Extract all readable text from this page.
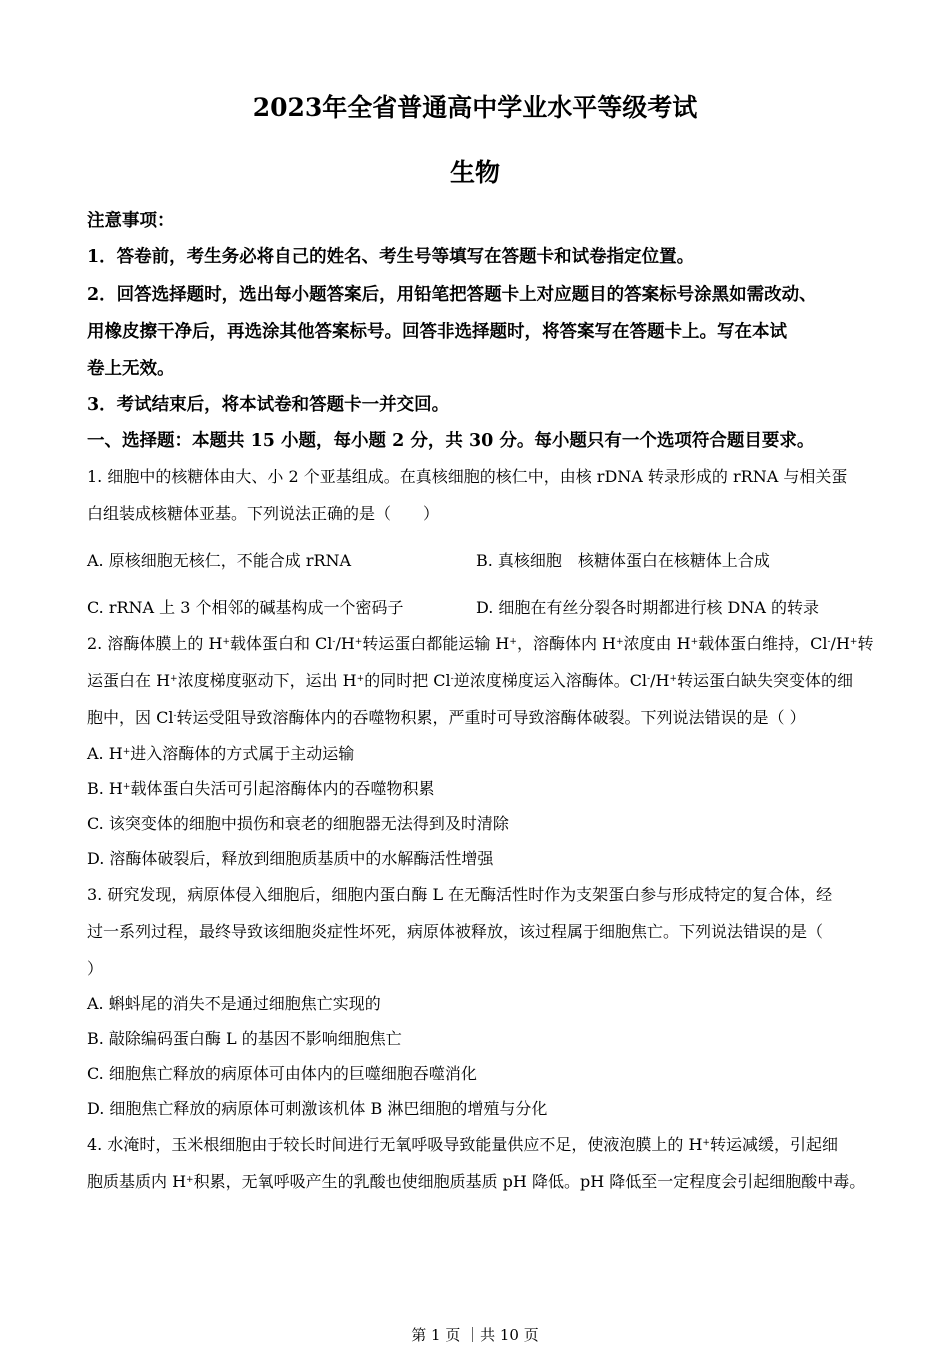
2023年全省普通高中学业水平等级考试
生物
注意事项：
1．答卷前，考生务必将自己的姓名、考生号等填写在答题卡和试卷指定位置。
2．回答选择题时，选出每小题答案后，用铅笔把答题卡上对应题目的答案标号涂黑如需改动、
用橡皮擦干净后，再选涂其他答案标号。回答非选择题时，将答案写在答题卡上。写在本试
卷上无效。
3．考试结束后，将本试卷和答题卡一并交回。
一、选择题：本题共 15 小题，每小题 2 分，共 30 分。每小题只有一个选项符合题目要求。
1. 细胞中的核糖体由大、小 2 个亚基组成。在真核细胞的核仁中，由核 rDNA 转录形成的 rRNA 与相关蛋
白组装成核糖体亚基。下列说法正确的是（　　）
A. 原核细胞无核仁，不能合成 rRNA	B. 真核细胞　核糖体蛋白在核糖体上合成
C. rRNA 上 3 个相邻的碱基构成一个密码子	D. 细胞在有丝分裂各时期都进行核 DNA 的转录
2. 溶酶体膜上的 H+载体蛋白和 Cl-/H+转运蛋白都能运输 H+，溶酶体内 H+浓度由 H+载体蛋白维持，Cl-/H+转
运蛋白在 H+浓度梯度驱动下，运出 H+的同时把 Cl-逆浓度梯度运入溶酶体。Cl-/H+转运蛋白缺失突变体的细
胞中，因 Cl-转运受阻导致溶酶体内的吞噬物积累，严重时可导致溶酶体破裂。下列说法错误的是（ ）
A. H+进入溶酶体的方式属于主动运输
B. H+载体蛋白失活可引起溶酶体内的吞噬物积累
C. 该突变体的细胞中损伤和衰老的细胞器无法得到及时清除
D. 溶酶体破裂后，释放到细胞质基质中的水解酶活性增强
3. 研究发现，病原体侵入细胞后，细胞内蛋白酶 L 在无酶活性时作为支架蛋白参与形成特定的复合体，经
过一系列过程，最终导致该细胞炎症性坏死，病原体被释放，该过程属于细胞焦亡。下列说法错误的是（
）
A. 蝌蚪尾的消失不是通过细胞焦亡实现的
B. 敲除编码蛋白酶 L 的基因不影响细胞焦亡
C. 细胞焦亡释放的病原体可由体内的巨噬细胞吞噬消化
D. 细胞焦亡释放的病原体可刺激该机体 B 淋巴细胞的增殖与分化
4. 水淹时，玉米根细胞由于较长时间进行无氧呼吸导致能量供应不足，使液泡膜上的 H+转运减缓，引起细
胞质基质内 H+积累，无氧呼吸产生的乳酸也使细胞质基质 pH 降低。pH 降低至一定程度会引起细胞酸中毒。
第 1 页 ｜共 10 页
